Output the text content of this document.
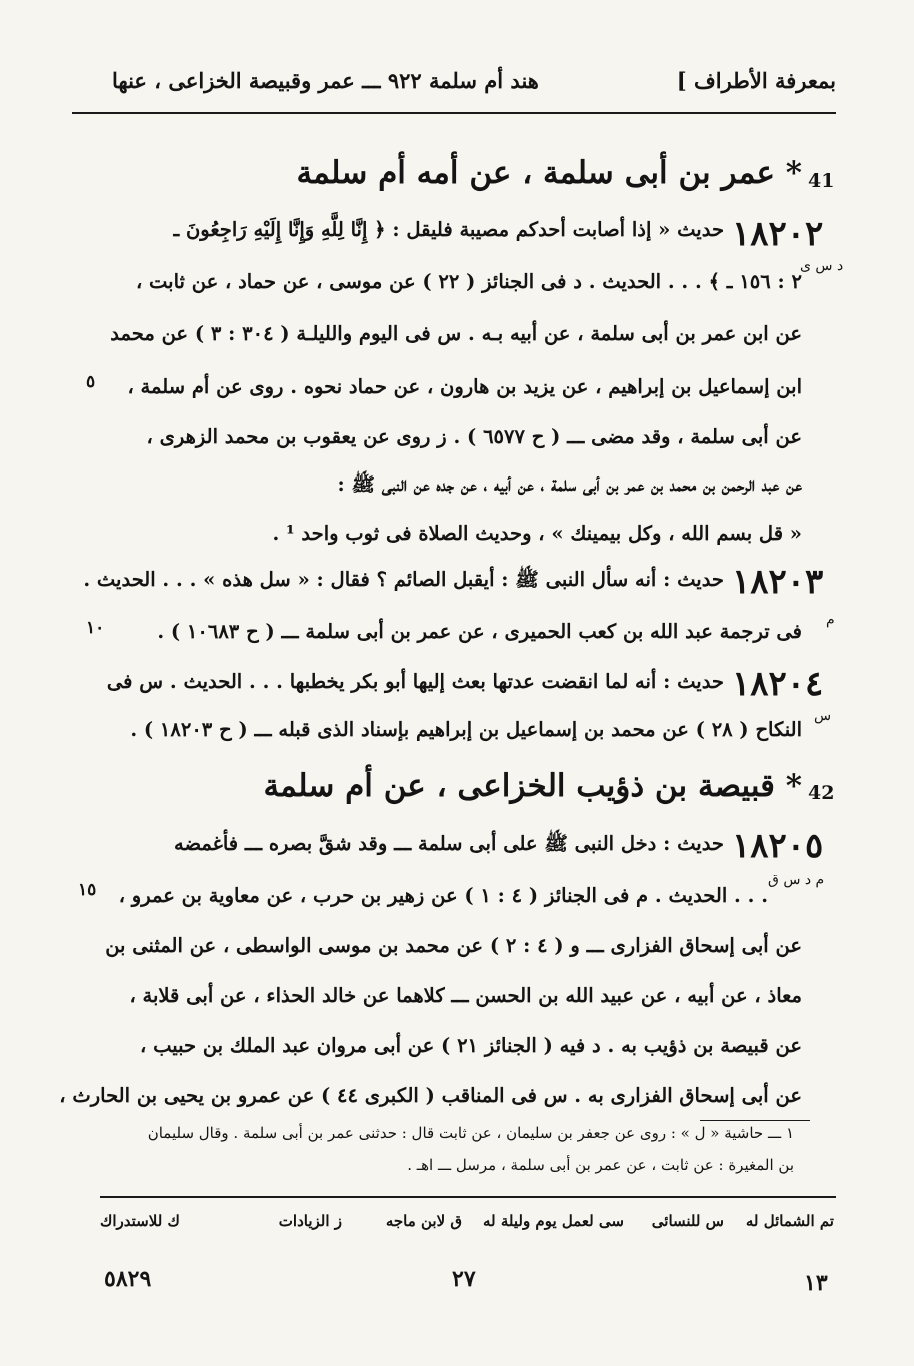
بمعرفة الأطراف ]
هند أم سلمة ٩٢٢ ـــ عمر وقبيصة الخزاعى ، عنها
41
* عمر بن أبى سلمة ، عن أمه أم سلمة
١٨٢٠٢
حديث « إذا أصابت أحدكم مصيبة فليقل : ﴿ إِنَّا لِلَّهِ وَإِنَّا إِلَيْهِ رَاجِعُونَ ـ
د س ى
٢ : ١٥٦ ـ ﴾ . . . الحديث . د فى الجنائز ( ٢٢ ) عن موسى ، عن حماد ، عن ثابت ،
عن ابن عمر بن أبى سلمة ، عن أبيه بـه . س فى اليوم والليلـة ( ٣٠٤ : ٣ ) عن محمد
ابن إسماعيل بن إبراهيم ، عن يزيد بن هارون ، عن حماد نحوه . روى عن أم سلمة ،
عن أبى سلمة ، وقد مضى ـــ ( ح ٦٥٧٧ ) . ز روى عن يعقوب بن محمد الزهرى ،
عن عبد الرحمن بن محمد بن عمر بن أبى سلمة ، عن أبيه ، عن جده عن النبى ﷺ :
« قل بسم الله ، وكل بيمينك » ، وحديث الصلاة فى ثوب واحد ¹ .
١٨٢٠٣
حديث : أنه سأل النبى ﷺ : أيقبل الصائم ؟ فقال : « سل هذه » . . . الحديث .
م
فى ترجمة عبد الله بن كعب الحميرى ، عن عمر بن أبى سلمة ـــ ( ح ١٠٦٨٣ ) .
١٨٢٠٤
حديث : أنه لما انقضت عدتها بعث إليها أبو بكر يخطبها . . . الحديث . س فى
س
النكاح ( ٢٨ ) عن محمد بن إسماعيل بن إبراهيم بإسناد الذى قبله ـــ ( ح ١٨٢٠٣ ) .
42
* قبيصة بن ذؤيب الخزاعى ، عن أم سلمة
١٨٢٠٥
حديث : دخل النبى ﷺ على أبى سلمة ـــ وقد شقَّ بصره ـــ فأغمضه
م د س ق
. . . الحديث . م فى الجنائز ( ٤ : ١ ) عن زهير بن حرب ، عن معاوية بن عمرو ،
عن أبى إسحاق الفزارى ـــ و ( ٤ : ٢ ) عن محمد بن موسى الواسطى ، عن المثنى بن
معاذ ، عن أبيه ، عن عبيد الله بن الحسن ـــ كلاهما عن خالد الحذاء ، عن أبى قلابة ،
عن قبيصة بن ذؤيب به . د فيه ( الجنائز ٢١ ) عن أبى مروان عبد الملك بن حبيب ،
عن أبى إسحاق الفزارى به . س فى المناقب ( الكبرى ٤٤ ) عن عمرو بن يحيى بن الحارث ،
٥
١٠
١٥
١ ـــ حاشية « ل » : روى عن جعفر بن سليمان ، عن ثابت قال : حدثنى عمر بن أبى سلمة . وقال سليمان
بن المغيرة : عن ثابت ، عن عمر بن أبى سلمة ، مرسل ـــ اهـ .
تم الشمائل له
س للنسائى
سى لعمل يوم وليلة له
ق لابن ماجه
ز الزيادات
ك للاستدراك
١٣
٢٧
٥٨٢٩
